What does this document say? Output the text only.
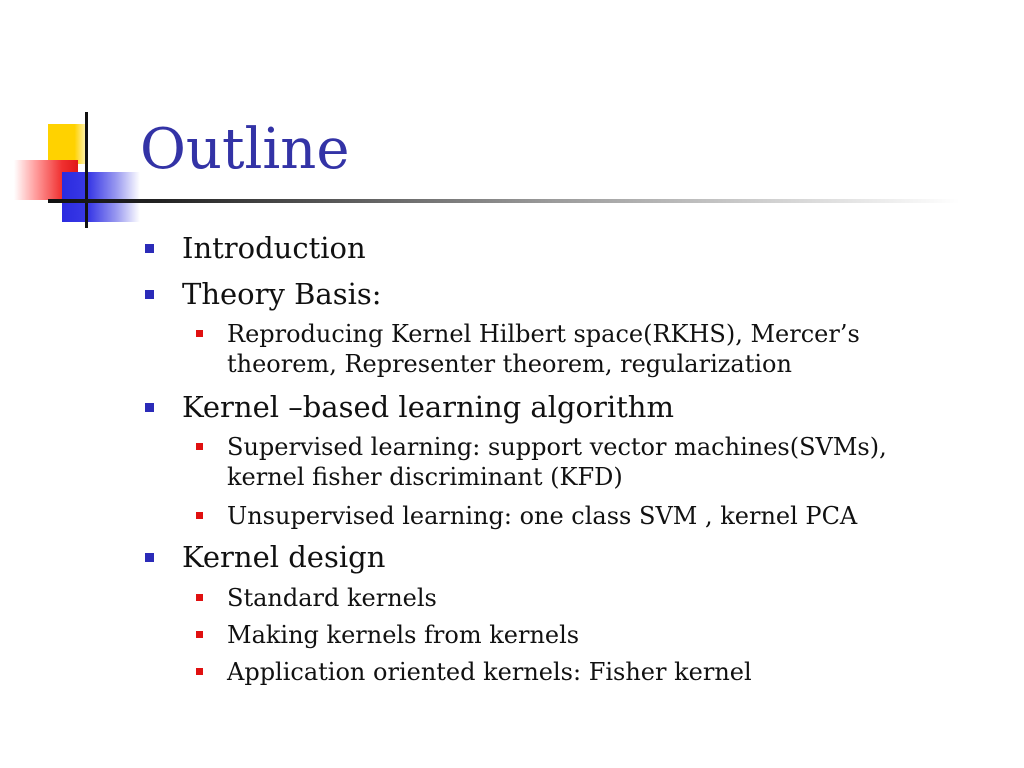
Outline
Introduction
Theory Basis:
Reproducing Kernel Hilbert space(RKHS), Mercer’s theorem, Representer theorem, regularization
Kernel –based learning algorithm
Supervised learning: support vector machines(SVMs), kernel fisher discriminant (KFD)
Unsupervised learning: one class SVM , kernel PCA
Kernel design
Standard kernels
Making kernels from kernels
Application oriented kernels: Fisher kernel
